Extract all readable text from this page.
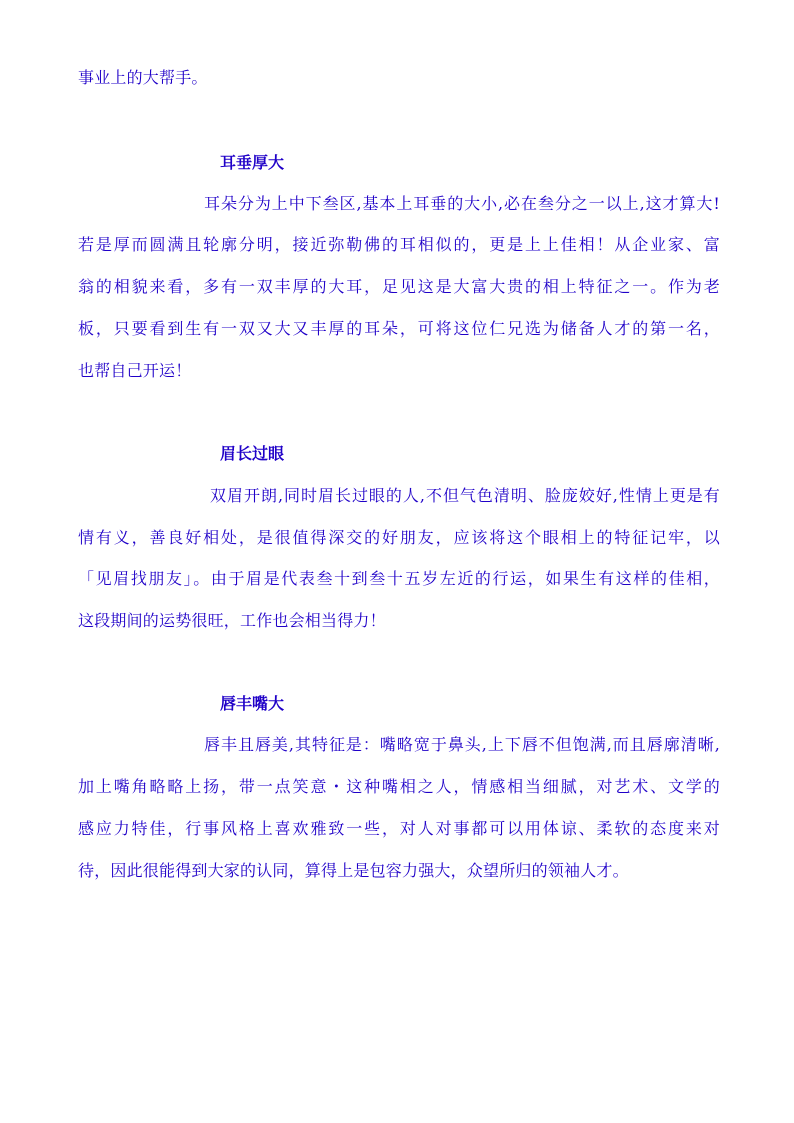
事业上的大帮手。
耳垂厚大
耳朵分为上中下叁区,基本上耳垂的大小,必在叁分之一以上,这才算大!
若是厚而圆满且轮廓分明，接近弥勒佛的耳相似的，更是上上佳相！从企业家、富
翁的相貌来看，多有一双丰厚的大耳，足见这是大富大贵的相上特征之一。作为老
板，只要看到生有一双又大又丰厚的耳朵，可将这位仁兄选为储备人才的第一名，
也帮自己开运！
眉长过眼
双眉开朗,同时眉长过眼的人,不但气色清明、脸庞姣好,性情上更是有
情有义，善良好相处，是很值得深交的好朋友，应该将这个眼相上的特征记牢，以
「见眉找朋友」。由于眉是代表叁十到叁十五岁左近的行运，如果生有这样的佳相，
这段期间的运势很旺，工作也会相当得力！
唇丰嘴大
唇丰且唇美,其特征是：嘴略宽于鼻头,上下唇不但饱满,而且唇廓清晰,
加上嘴角略略上扬，带一点笑意・这种嘴相之人，情感相当细腻，对艺术、文学的
感应力特佳，行事风格上喜欢雅致一些，对人对事都可以用体谅、柔软的态度来对
待，因此很能得到大家的认同，算得上是包容力强大，众望所归的领袖人才。
